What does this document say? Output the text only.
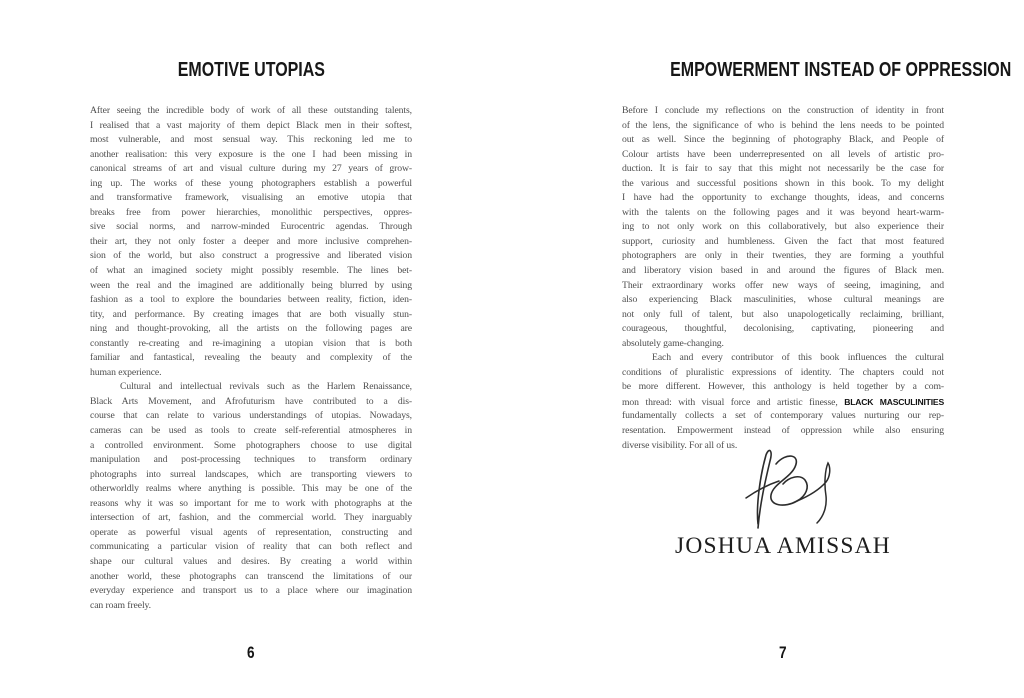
EMOTIVE UTOPIAS
After seeing the incredible body of work of all these outstanding talents,
I realised that a vast majority of them depict Black men in their softest,
most vulnerable, and most sensual way. This reckoning led me to
another realisation: this very exposure is the one I had been missing in
canonical streams of art and visual culture during my 27 years of grow-
ing up. The works of these young photographers establish a powerful
and transformative framework, visualising an emotive utopia that
breaks free from power hierarchies, monolithic perspectives, oppres-
sive social norms, and narrow-minded Eurocentric agendas. Through
their art, they not only foster a deeper and more inclusive comprehen-
sion of the world, but also construct a progressive and liberated vision
of what an imagined society might possibly resemble. The lines bet-
ween the real and the imagined are additionally being blurred by using
fashion as a tool to explore the boundaries between reality, fiction, iden-
tity, and performance. By creating images that are both visually stun-
ning and thought-provoking, all the artists on the following pages are
constantly re-creating and re-imagining a utopian vision that is both
familiar and fantastical, revealing the beauty and complexity of the
human experience.
Cultural and intellectual revivals such as the Harlem Renaissance,
Black Arts Movement, and Afrofuturism have contributed to a dis-
course that can relate to various understandings of utopias. Nowadays,
cameras can be used as tools to create self-referential atmospheres in
a controlled environment. Some photographers choose to use digital
manipulation and post-processing techniques to transform ordinary
photographs into surreal landscapes, which are transporting viewers to
otherworldly realms where anything is possible. This may be one of the
reasons why it was so important for me to work with photographs at the
intersection of art, fashion, and the commercial world. They inarguably
operate as powerful visual agents of representation, constructing and
communicating a particular vision of reality that can both reflect and
shape our cultural values and desires. By creating a world within
another world, these photographs can transcend the limitations of our
everyday experience and transport us to a place where our imagination
can roam freely.
6
EMPOWERMENT INSTEAD OF OPPRESSION
Before I conclude my reflections on the construction of identity in front
of the lens, the significance of who is behind the lens needs to be pointed
out as well. Since the beginning of photography Black, and People of
Colour artists have been underrepresented on all levels of artistic pro-
duction. It is fair to say that this might not necessarily be the case for
the various and successful positions shown in this book. To my delight
I have had the opportunity to exchange thoughts, ideas, and concerns
with the talents on the following pages and it was beyond heart-warm-
ing to not only work on this collaboratively, but also experience their
support, curiosity and humbleness. Given the fact that most featured
photographers are only in their twenties, they are forming a youthful
and liberatory vision based in and around the figures of Black men.
Their extraordinary works offer new ways of seeing, imagining, and
also experiencing Black masculinities, whose cultural meanings are
not only full of talent, but also unapologetically reclaiming, brilliant,
courageous, thoughtful, decolonising, captivating, pioneering and
absolutely game-changing.
Each and every contributor of this book influences the cultural
conditions of pluralistic expressions of identity. The chapters could not
be more different. However, this anthology is held together by a com-
mon thread: with visual force and artistic finesse, BLACK MASCULINITIES
fundamentally collects a set of contemporary values nurturing our rep-
resentation. Empowerment instead of oppression while also ensuring
diverse visibility. For all of us.
JOSHUA AMISSAH
7
